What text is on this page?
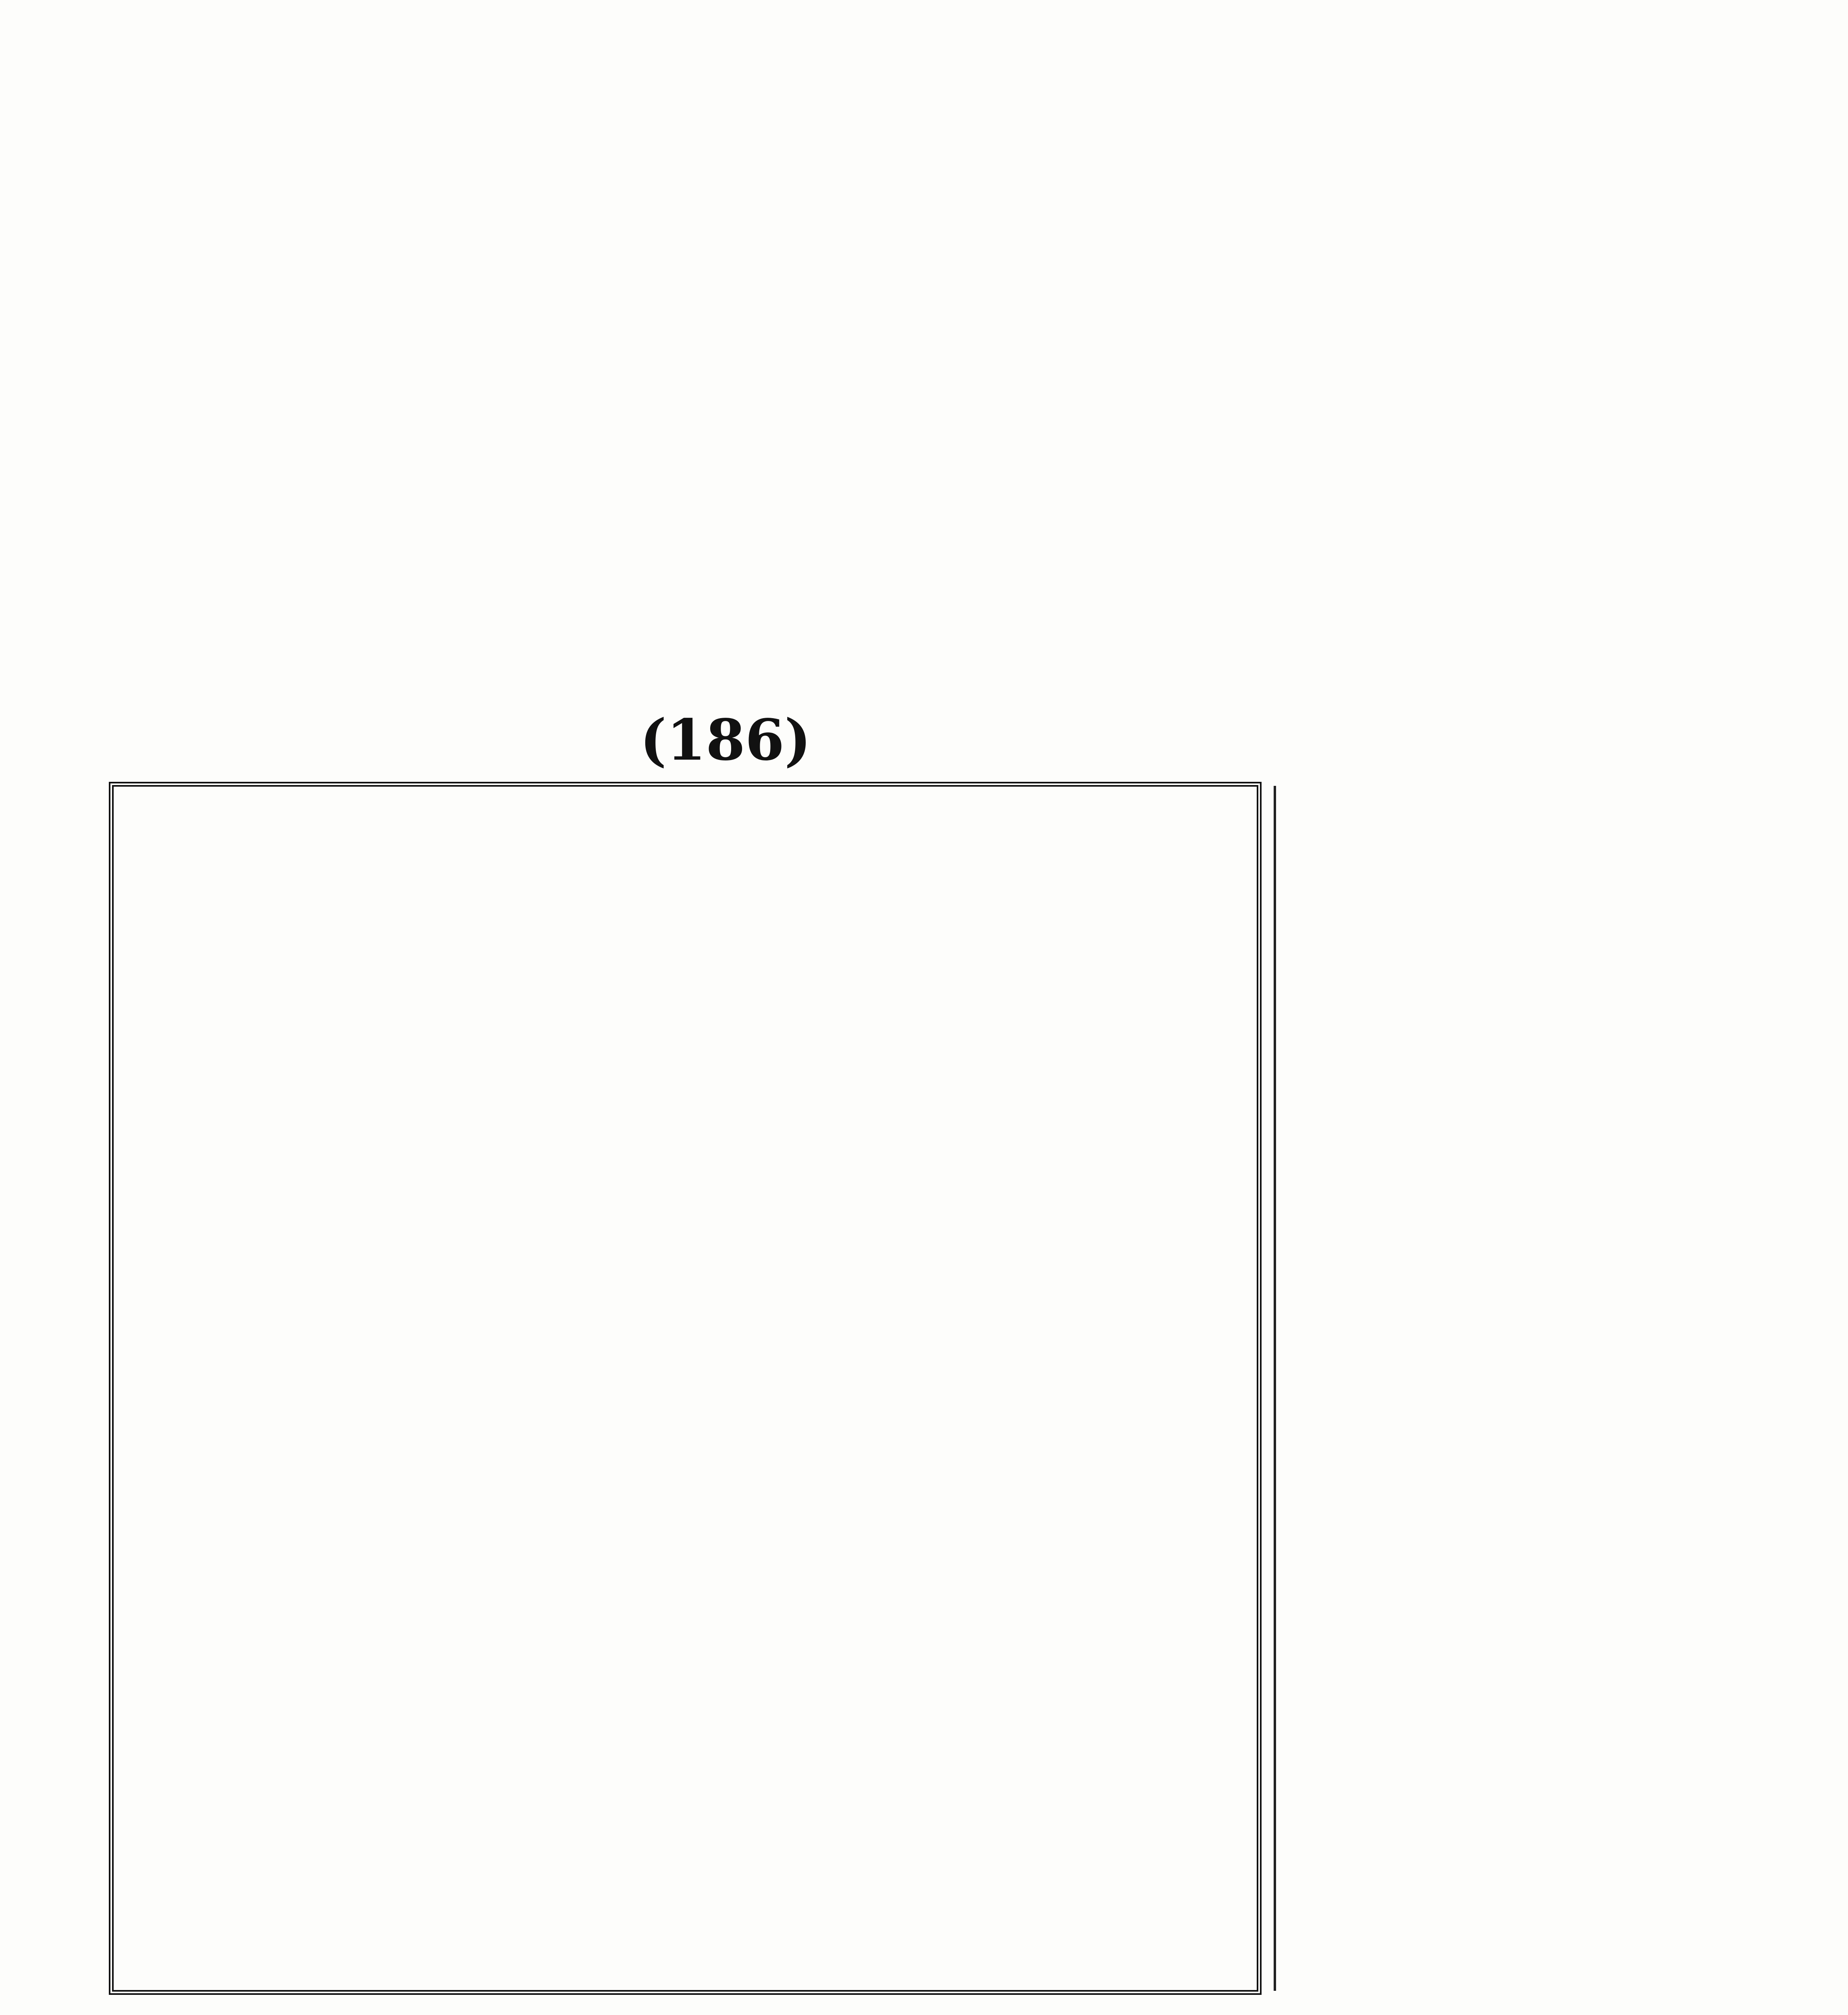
(186)
